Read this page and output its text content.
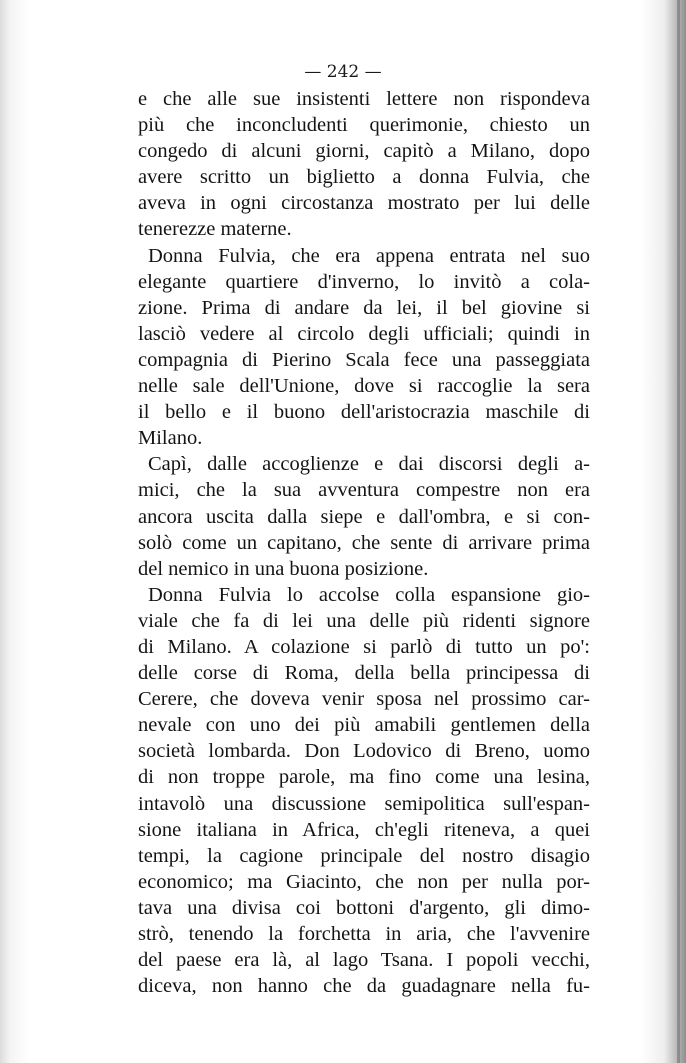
— 242 —
e che alle sue insistenti lettere non rispondeva
più che inconcludenti querimonie, chiesto un
congedo di alcuni giorni, capitò a Milano, dopo
avere scritto un biglietto a donna Fulvia, che
aveva in ogni circostanza mostrato per lui delle
tenerezze materne.
Donna Fulvia, che era appena entrata nel suo
elegante quartiere d'inverno, lo invitò a cola-
zione. Prima di andare da lei, il bel giovine si
lasciò vedere al circolo degli ufficiali; quindi in
compagnia di Pierino Scala fece una passeggiata
nelle sale dell'Unione, dove si raccoglie la sera
il bello e il buono dell'aristocrazia maschile di
Milano.
Capì, dalle accoglienze e dai discorsi degli a-
mici, che la sua avventura compestre non era
ancora uscita dalla siepe e dall'ombra, e si con-
solò come un capitano, che sente di arrivare prima
del nemico in una buona posizione.
Donna Fulvia lo accolse colla espansione gio-
viale che fa di lei una delle più ridenti signore
di Milano. A colazione si parlò di tutto un po':
delle corse di Roma, della bella principessa di
Cerere, che doveva venir sposa nel prossimo car-
nevale con uno dei più amabili gentlemen della
società lombarda. Don Lodovico di Breno, uomo
di non troppe parole, ma fino come una lesina,
intavolò una discussione semipolitica sull'espan-
sione italiana in Africa, ch'egli riteneva, a quei
tempi, la cagione principale del nostro disagio
economico; ma Giacinto, che non per nulla por-
tava una divisa coi bottoni d'argento, gli dimo-
strò, tenendo la forchetta in aria, che l'avvenire
del paese era là, al lago Tsana. I popoli vecchi,
diceva, non hanno che da guadagnare nella fu-
